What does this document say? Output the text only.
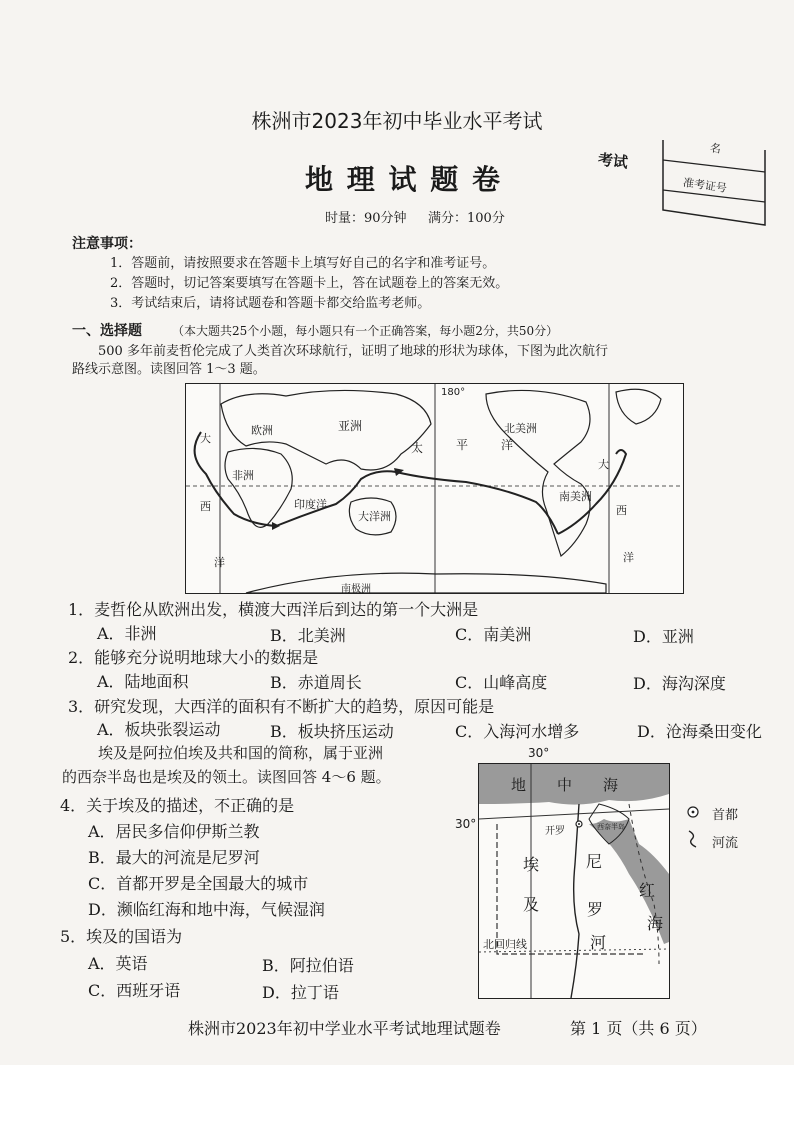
株洲市2023年初中毕业水平考试
地 理 试 题 卷
时量：90分钟 满分：100分
考试
名
准考证号
注意事项：
1．答题前，请按照要求在答题卡上填写好自己的名字和准考证号。
2．答题时，切记答案要填写在答题卡上，答在试题卷上的答案无效。
3．考试结束后，请将试题卷和答题卡都交给监考老师。
一、选择题	（本大题共25个小题，每小题只有一个正确答案，每小题2分，共50分）
500 多年前麦哲伦完成了人类首次环球航行，证明了地球的形状为球体，下图为此次航行
路线示意图。读图回答 1～3 题。
180°
欧洲	亚洲
太	平	洋
北美洲
非洲
南美洲
印度洋
大洋洲
南极洲
大
西
洋
大
西
洋
1．麦哲伦从欧洲出发，横渡大西洋后到达的第一个大洲是
A．非洲	B．北美洲	C．南美洲	D．亚洲
2．能够充分说明地球大小的数据是
A．陆地面积	B．赤道周长	C．山峰高度	D．海沟深度
3．研究发现，大西洋的面积有不断扩大的趋势，原因可能是
A．板块张裂运动	B．板块挤压运动	C．入海河水增多	D．沧海桑田变化
埃及是阿拉伯埃及共和国的简称，属于亚洲
的西奈半岛也是埃及的领土。读图回答 4～6 题。
4．关于埃及的描述，不正确的是
A．居民多信仰伊斯兰教
B．最大的河流是尼罗河
C．首都开罗是全国最大的城市
D．濒临红海和地中海，气候湿润
5．埃及的国语为
A．英语	B．阿拉伯语
C．西班牙语	D．拉丁语
30°
地 中 海
开罗	西奈半岛
埃
及
尼
罗
河
红
海
北回归线
30°
首都
河流
株洲市2023年初中学业水平考试地理试题卷	第 1 页（共 6 页）
